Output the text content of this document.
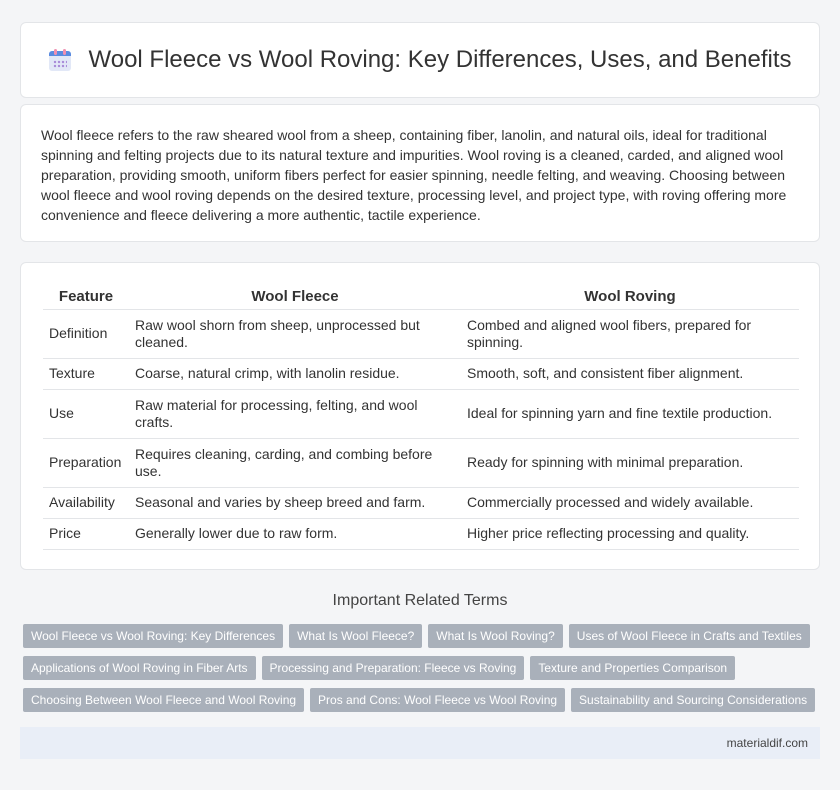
Wool Fleece vs Wool Roving: Key Differences, Uses, and Benefits

Wool fleece refers to the raw sheared wool from a sheep, containing fiber, lanolin, and natural oils, ideal for traditional spinning and felting projects due to its natural texture and impurities. Wool roving is a cleaned, carded, and aligned wool preparation, providing smooth, uniform fibers perfect for easier spinning, needle felting, and weaving. Choosing between wool fleece and wool roving depends on the desired texture, processing level, and project type, with roving offering more convenience and fleece delivering a more authentic, tactile experience.

Feature	Wool Fleece	Wool Roving
Definition	Raw wool shorn from sheep, unprocessed but cleaned.	Combed and aligned wool fibers, prepared for spinning.
Texture	Coarse, natural crimp, with lanolin residue.	Smooth, soft, and consistent fiber alignment.
Use	Raw material for processing, felting, and wool crafts.	Ideal for spinning yarn and fine textile production.
Preparation	Requires cleaning, carding, and combing before use.	Ready for spinning with minimal preparation.
Availability	Seasonal and varies by sheep breed and farm.	Commercially processed and widely available.
Price	Generally lower due to raw form.	Higher price reflecting processing and quality.
Important Related Terms
Wool Fleece vs Wool Roving: Key Differences	What Is Wool Fleece?	What Is Wool Roving?	Uses of Wool Fleece in Crafts and Textiles
Applications of Wool Roving in Fiber Arts	Processing and Preparation: Fleece vs Roving	Texture and Properties Comparison
Choosing Between Wool Fleece and Wool Roving	Pros and Cons: Wool Fleece vs Wool Roving	Sustainability and Sourcing Considerations
materialdif.com
